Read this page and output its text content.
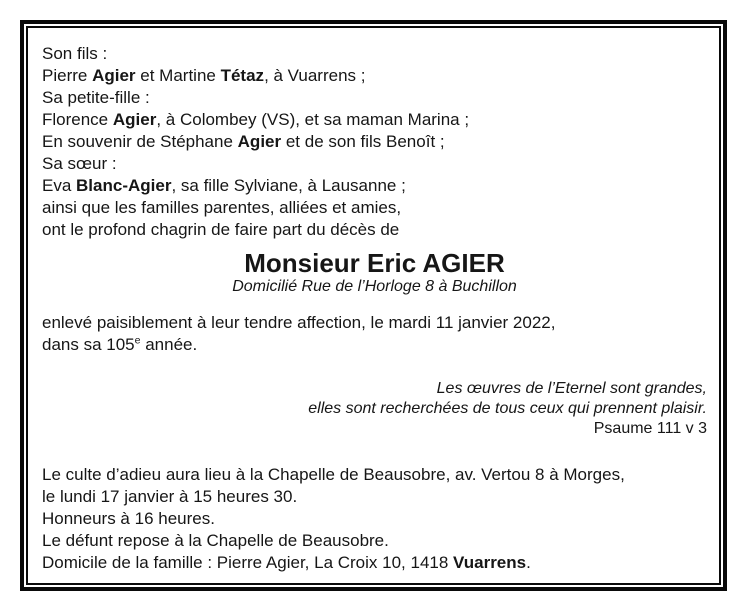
Son fils :
Pierre Agier et Martine Tétaz, à Vuarrens ;
Sa petite-fille :
Florence Agier, à Colombey (VS), et sa maman Marina ;
En souvenir de Stéphane Agier et de son fils Benoît ;
Sa sœur :
Eva Blanc-Agier, sa fille Sylviane, à Lausanne ;
ainsi que les familles parentes, alliées et amies,
ont le profond chagrin de faire part du décès de
Monsieur Eric AGIER
Domicilié Rue de l’Horloge 8 à Buchillon
enlevé paisiblement à leur tendre affection, le mardi 11 janvier 2022,
dans sa 105e année.
Les œuvres de l’Eternel sont grandes,
elles sont recherchées de tous ceux qui prennent plaisir.
Psaume 111 v 3
Le culte d’adieu aura lieu à la Chapelle de Beausobre, av. Vertou 8 à Morges,
le lundi 17 janvier à 15 heures 30.
Honneurs à 16 heures.
Le défunt repose à la Chapelle de Beausobre.
Domicile de la famille : Pierre Agier, La Croix 10, 1418 Vuarrens.
